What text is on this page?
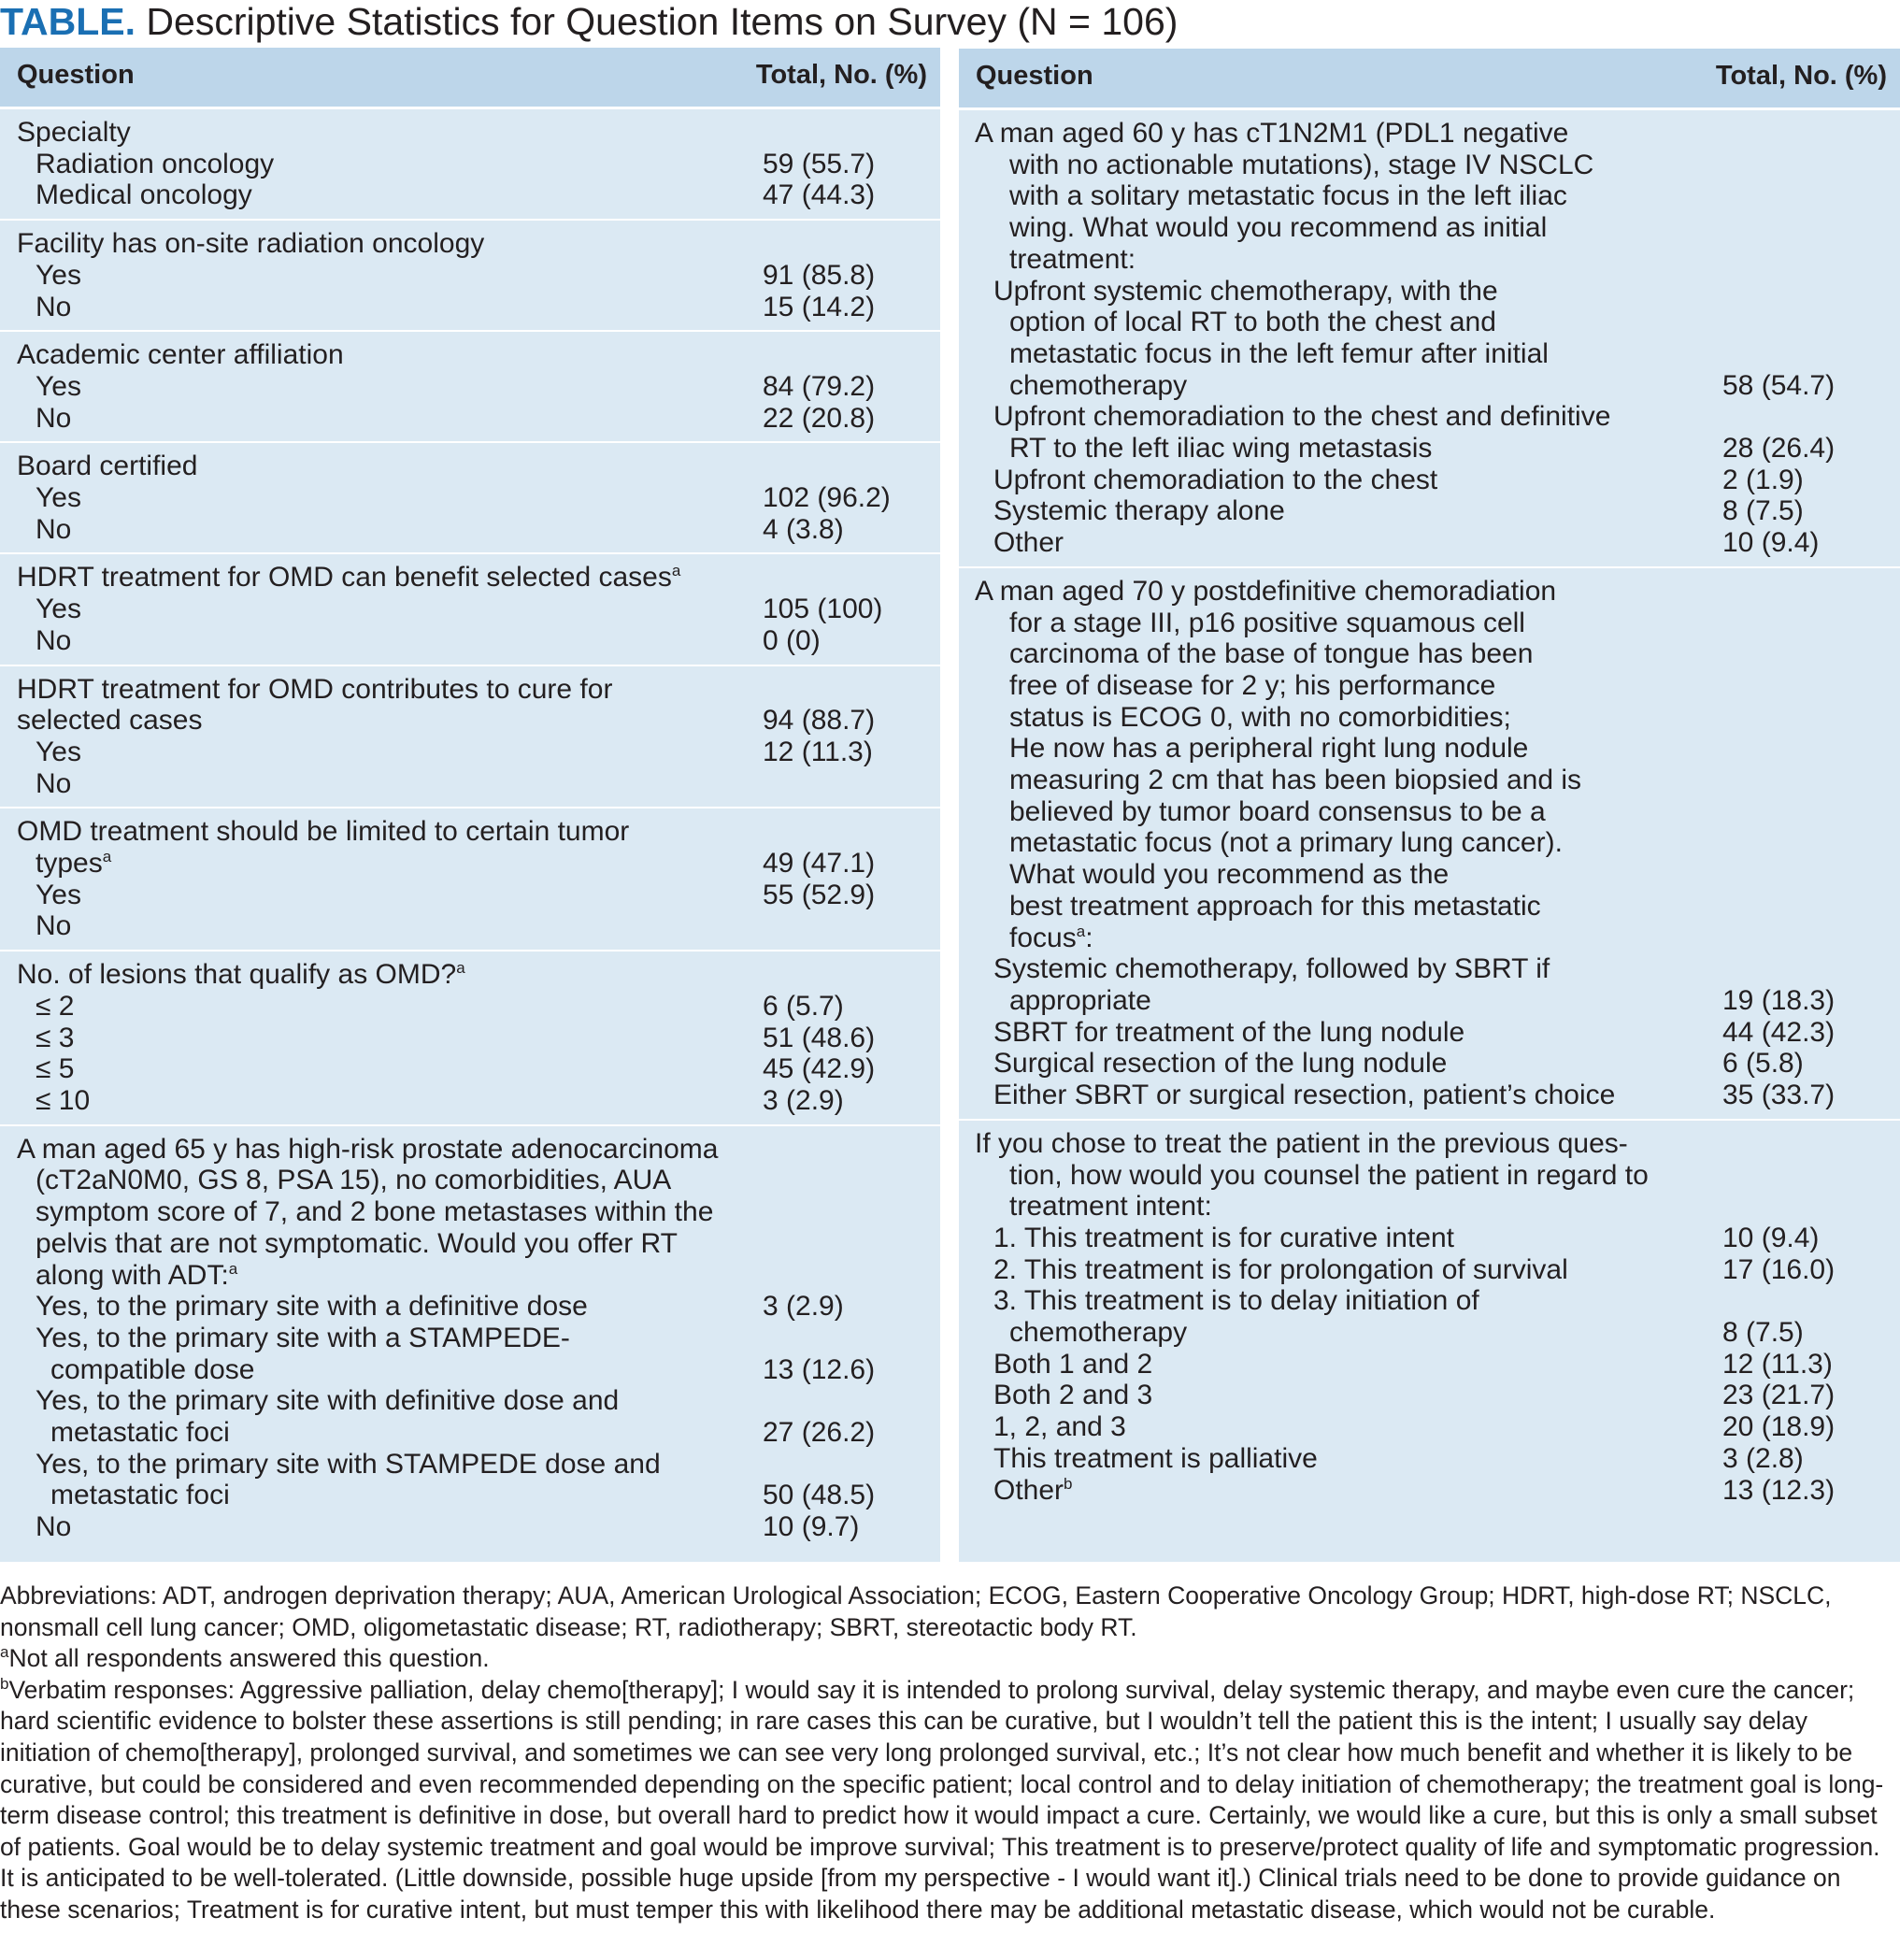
TABLE. Descriptive Statistics for Question Items on Survey (N = 106)
Question	Total, No. (%)
Specialty
Radiation oncology	59 (55.7)
Medical oncology	47 (44.3)
Facility has on-site radiation oncology
Yes	91 (85.8)
No	15 (14.2)
Academic center affiliation
Yes	84 (79.2)
No	22 (20.8)
Board certified
Yes	102 (96.2)
No	4 (3.8)
HDRT treatment for OMD can benefit selected cases$^a$
Yes	105 (100)
No	0 (0)
HDRT treatment for OMD contributes to cure for
selected cases	94 (88.7)
Yes	12 (11.3)
No
OMD treatment should be limited to certain tumor
types$^a$	49 (47.1)
Yes	55 (52.9)
No
No. of lesions that qualify as OMD?$^a$
≤ 2	6 (5.7)
≤ 3	51 (48.6)
≤ 5	45 (42.9)
≤ 10	3 (2.9)
A man aged 65 y has high-risk prostate adenocarcinoma
(cT2aN0M0, GS 8, PSA 15), no comorbidities, AUA
symptom score of 7, and 2 bone metastases within the
pelvis that are not symptomatic. Would you offer RT
along with ADT:$^a$
Yes, to the primary site with a definitive dose	3 (2.9)
Yes, to the primary site with a STAMPEDE-
compatible dose	13 (12.6)
Yes, to the primary site with definitive dose and
metastatic foci	27 (26.2)
Yes, to the primary site with STAMPEDE dose and
metastatic foci	50 (48.5)
No	10 (9.7)
Question	Total, No. (%)
A man aged 60 y has cT1N2M1 (PDL1 negative
with no actionable mutations), stage IV NSCLC
with a solitary metastatic focus in the left iliac
wing. What would you recommend as initial
treatment:
Upfront systemic chemotherapy, with the
option of local RT to both the chest and
metastatic focus in the left femur after initial
chemotherapy	58 (54.7)
Upfront chemoradiation to the chest and definitive
RT to the left iliac wing metastasis	28 (26.4)
Upfront chemoradiation to the chest	2 (1.9)
Systemic therapy alone	8 (7.5)
Other	10 (9.4)
A man aged 70 y postdefinitive chemoradiation
for a stage III, p16 positive squamous cell
carcinoma of the base of tongue has been
free of disease for 2 y; his performance
status is ECOG 0, with no comorbidities;
He now has a peripheral right lung nodule
measuring 2 cm that has been biopsied and is
believed by tumor board consensus to be a
metastatic focus (not a primary lung cancer).
What would you recommend as the
best treatment approach for this metastatic
focus$^a$:
Systemic chemotherapy, followed by SBRT if
appropriate	19 (18.3)
SBRT for treatment of the lung nodule	44 (42.3)
Surgical resection of the lung nodule	6 (5.8)
Either SBRT or surgical resection, patient’s choice	35 (33.7)
If you chose to treat the patient in the previous ques-
tion, how would you counsel the patient in regard to
treatment intent:
1. This treatment is for curative intent	10 (9.4)
2. This treatment is for prolongation of survival	17 (16.0)
3. This treatment is to delay initiation of
chemotherapy	8 (7.5)
Both 1 and 2	12 (11.3)
Both 2 and 3	23 (21.7)
1, 2, and 3	20 (18.9)
This treatment is palliative	3 (2.8)
Other$^b$	13 (12.3)

Abbreviations: ADT, androgen deprivation therapy; AUA, American Urological Association; ECOG, Eastern Cooperative Oncology Group; HDRT, high-dose RT; NSCLC, nonsmall cell lung cancer; OMD, oligometastatic disease; RT, radiotherapy; SBRT, stereotactic body RT.

$^a$Not all respondents answered this question.

$^b$Verbatim responses: Aggressive palliation, delay chemo[therapy]; I would say it is intended to prolong survival, delay systemic therapy, and maybe even cure the cancer; hard scientific evidence to bolster these assertions is still pending; in rare cases this can be curative, but I wouldn’t tell the patient this is the intent; I usually say delay initiation of chemo[therapy], prolonged survival, and sometimes we can see very long prolonged survival, etc.; It’s not clear how much benefit and whether it is likely to be curative, but could be considered and even recommended depending on the specific patient; local control and to delay initiation of chemotherapy; the treatment goal is long-term disease control; this treatment is definitive in dose, but overall hard to predict how it would impact a cure. Certainly, we would like a cure, but this is only a small subset of patients. Goal would be to delay systemic treatment and goal would be improve survival; This treatment is to preserve/protect quality of life and symptomatic progression. It is anticipated to be well-tolerated. (Little downside, possible huge upside [from my perspective - I would want it].) Clinical trials need to be done to provide guidance on these scenarios; Treatment is for curative intent, but must temper this with likelihood there may be additional metastatic disease, which would not be curable.
